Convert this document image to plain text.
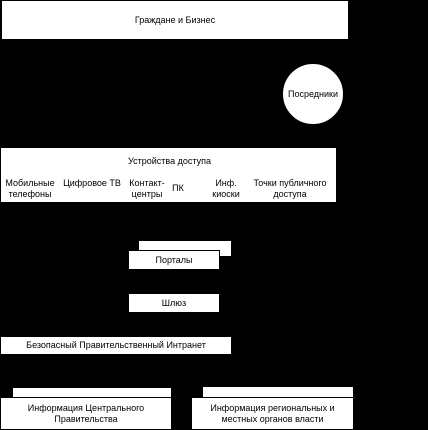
Граждане и Бизнес
Посредники
Устройства доступа
Мобильные
телефоны
Цифровое ТВ Контакт-
центры
ПК	Инф.
киоски
Точки публичного
доступа
Порталы
Шлюз
Безопасный Правительственный Интранет
Информация Центрального
Правительства
Информация региональных и
местных органов власти
